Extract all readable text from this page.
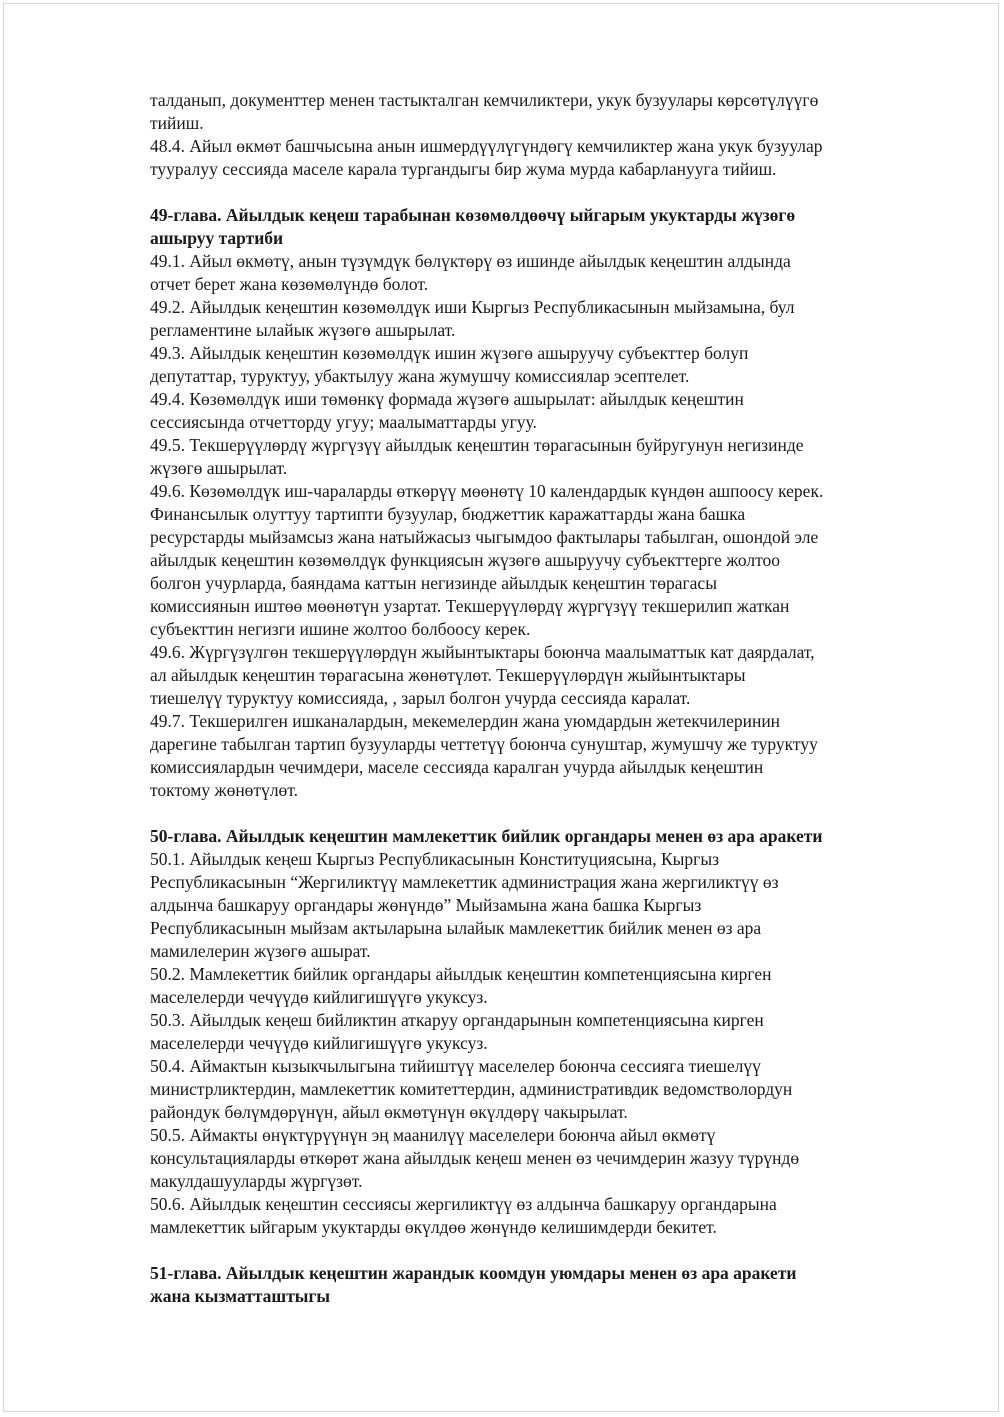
талданып, документтер менен тастыкталган кемчиликтери, укук бузуулары көрсөтүлүүгө
тийиш.
48.4. Айыл өкмөт башчысына анын ишмердүүлүгүндөгү кемчиликтер жана укук бузуулар
тууралуу сессияда маселе карала тургандыгы бир жума мурда кабарланууга тийиш.
49-глава. Айылдык кеңеш тарабынан көзөмөлдөөчү ыйгарым укуктарды жүзөгө
ашыруу тартиби
49.1. Айыл өкмөтү, анын түзүмдүк бөлүктөрү өз ишинде айылдык кеңештин алдында
отчет берет жана көзөмөлүндө болот.
49.2. Айылдык кеңештин көзөмөлдүк иши Кыргыз Республикасынын мыйзамына, бул
регламентине ылайык жүзөгө ашырылат.
49.3. Айылдык кеңештин көзөмөлдүк ишин жүзөгө ашыруучу субъекттер болуп
депутаттар, туруктуу, убактылуу жана жумушчу комиссиялар эсептелет.
49.4. Көзөмөлдүк иши төмөнкү формада жүзөгө ашырылат: айылдык кеңештин
сессиясында отчетторду угуу; маалыматтарды угуу.
49.5. Текшерүүлөрдү жүргүзүү айылдык кеңештин төрагасынын буйругунун негизинде
жүзөгө ашырылат.
49.6. Көзөмөлдүк иш-чараларды өткөрүү мөөнөтү 10 календардык күндөн ашпоосу керек.
Финансылык олуттуу тартипти бузуулар, бюджеттик каражаттарды жана башка
ресурстарды мыйзамсыз жана натыйжасыз чыгымдоо фактылары табылган, ошондой эле
айылдык кеңештин көзөмөлдүк функциясын жүзөгө ашыруучу субъекттерге жолтоо
болгон учурларда, баяндама каттын негизинде айылдык кеңештин төрагасы
комиссиянын иштөө мөөнөтүн узартат. Текшерүүлөрдү жүргүзүү текшерилип жаткан
субъекттин негизги ишине жолтоо болбоосу керек.
49.6. Жүргүзүлгөн текшерүүлөрдүн жыйынтыктары боюнча маалыматтык кат даярдалат,
ал айылдык кеңештин төрагасына жөнөтүлөт. Текшерүүлөрдүн жыйынтыктары
тиешелүү туруктуу комиссияда, , зарыл болгон учурда сессияда каралат.
49.7. Текшерилген ишканалардын, мекемелердин жана уюмдардын жетекчилеринин
дарегине табылган тартип бузууларды четтетүү боюнча сунуштар, жумушчу же туруктуу
комиссиялардын чечимдери, маселе сессияда каралган учурда айылдык кеңештин
токтому жөнөтүлөт.
50-глава. Айылдык кеңештин мамлекеттик бийлик органдары менен өз ара аракети
50.1. Айылдык кеңеш Кыргыз Республикасынын Конституциясына, Кыргыз
Республикасынын “Жергиликтүү мамлекеттик администрация жана жергиликтүү өз
алдынча башкаруу органдары жөнүндө” Мыйзамына жана башка Кыргыз
Республикасынын мыйзам актыларына ылайык мамлекеттик бийлик менен өз ара
мамилелерин жүзөгө ашырат.
50.2. Мамлекеттик бийлик органдары айылдык кеңештин компетенциясына кирген
маселелерди чечүүдө кийлигишүүгө укуксуз.
50.3. Айылдык кеңеш бийликтин аткаруу органдарынын компетенциясына кирген
маселелерди чечүүдө кийлигишүүгө укуксуз.
50.4. Аймактын кызыкчылыгына тийиштүү маселелер боюнча сессияга тиешелүү
министрликтердин, мамлекеттик комитеттердин, административдик ведомстволордун
райондук бөлүмдөрүнүн, айыл өкмөтүнүн өкүлдөрү чакырылат.
50.5. Аймакты өнүктүрүүнүн эң маанилүү маселелери боюнча айыл өкмөтү
консультацияларды өткөрөт жана айылдык кеңеш менен өз чечимдерин жазуу түрүндө
макулдашууларды жүргүзөт.
50.6. Айылдык кеңештин сессиясы жергиликтүү өз алдынча башкаруу органдарына
мамлекеттик ыйгарым укуктарды өкүлдөө жөнүндө келишимдерди бекитет.
51-глава. Айылдык кеңештин жарандык коомдун уюмдары менен өз ара аракети
жана кызматташтыгы
